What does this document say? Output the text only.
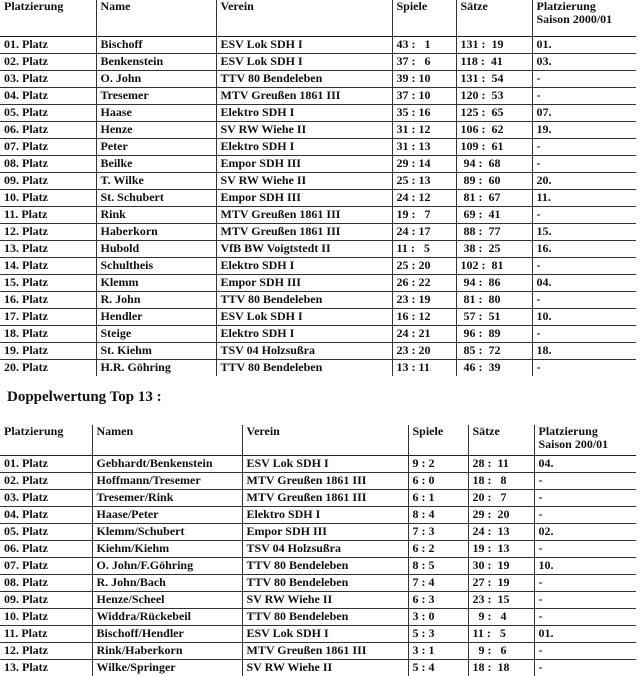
Platzierung	Name	Verein	Spiele	Sätze	Platzierung
Saison 2000/01
01. Platz	Bischoff	ESV Lok SDH I	43 :   1	131 :  19	01.
02. Platz	Benkenstein	ESV Lok SDH I	37 :   6	118 :  41	03.
03. Platz	O. John	TTV 80 Bendeleben	39 : 10	131 :  54	-
04. Platz	Tresemer	MTV Greußen 1861 III	37 : 10	120 :  53	-
05. Platz	Haase	Elektro SDH I	35 : 16	125 :  65	07.
06. Platz	Henze	SV RW Wiehe II	31 : 12	106 :  62	19.
07. Platz	Peter	Elektro SDH I	31 : 13	109 :  61	-
08. Platz	Beilke	Empor SDH III	29 : 14	94 :  68	-
09. Platz	T. Wilke	SV RW Wiehe II	25 : 13	89 :  60	20.
10. Platz	St. Schubert	Empor SDH III	24 : 12	81 :  67	11.
11. Platz	Rink	MTV Greußen 1861 III	19 :   7	69 :  41	-
12. Platz	Haberkorn	MTV Greußen 1861 III	24 : 17	88 :  77	15.
13. Platz	Hubold	VfB BW Voigtstedt II	11 :   5	38 :  25	16.
14. Platz	Schultheis	Elektro SDH I	25 : 20	102 :  81	-
15. Platz	Klemm	Empor SDH III	26 : 22	94 :  86	04.
16. Platz	R. John	TTV 80 Bendeleben	23 : 19	81 :  80	-
17. Platz	Hendler	ESV Lok SDH I	16 : 12	57 :  51	10.
18. Platz	Steige	Elektro SDH I	24 : 21	96 :  89	-
19. Platz	St. Kiehm	TSV 04 Holzsußra	23 : 20	85 :  72	18.
20. Platz	H.R. Göhring	TTV 80 Bendeleben	13 : 11	46 :  39	-
Doppelwertung Top 13 :
Platzierung	Namen	Verein	Spiele	Sätze	Platzierung
Saison 200/01
01. Platz	Gebhardt/Benkenstein	ESV Lok SDH I	9 : 2	28 :  11	04.
02. Platz	Hoffmann/Tresemer	MTV Greußen 1861 III	6 : 0	18 :   8	-
03. Platz	Tresemer/Rink	MTV Greußen 1861 III	6 : 1	20 :   7	-
04. Platz	Haase/Peter	Elektro SDH I	8 : 4	29 :  20	-
05. Platz	Klemm/Schubert	Empor SDH III	7 : 3	24 :  13	02.
06. Platz	Kiehm/Kiehm	TSV 04 Holzsußra	6 : 2	19 :  13	-
07. Platz	O. John/F.Göhring	TTV 80 Bendeleben	8 : 5	30 :  19	10.
08. Platz	R. John/Bach	TTV 80 Bendeleben	7 : 4	27 :  19	-
09. Platz	Henze/Scheel	SV RW Wiehe II	6 : 3	23 :  15	-
10. Platz	Widdra/Rückebeil	TTV 80 Bendeleben	3 : 0	9 :   4	-
11. Platz	Bischoff/Hendler	ESV Lok SDH I	5 : 3	11 :   5	01.
12. Platz	Rink/Haberkorn	MTV Greußen 1861 III	3 : 1	9 :   6	-
13. Platz	Wilke/Springer	SV RW Wiehe II	5 : 4	18 :  18	-
